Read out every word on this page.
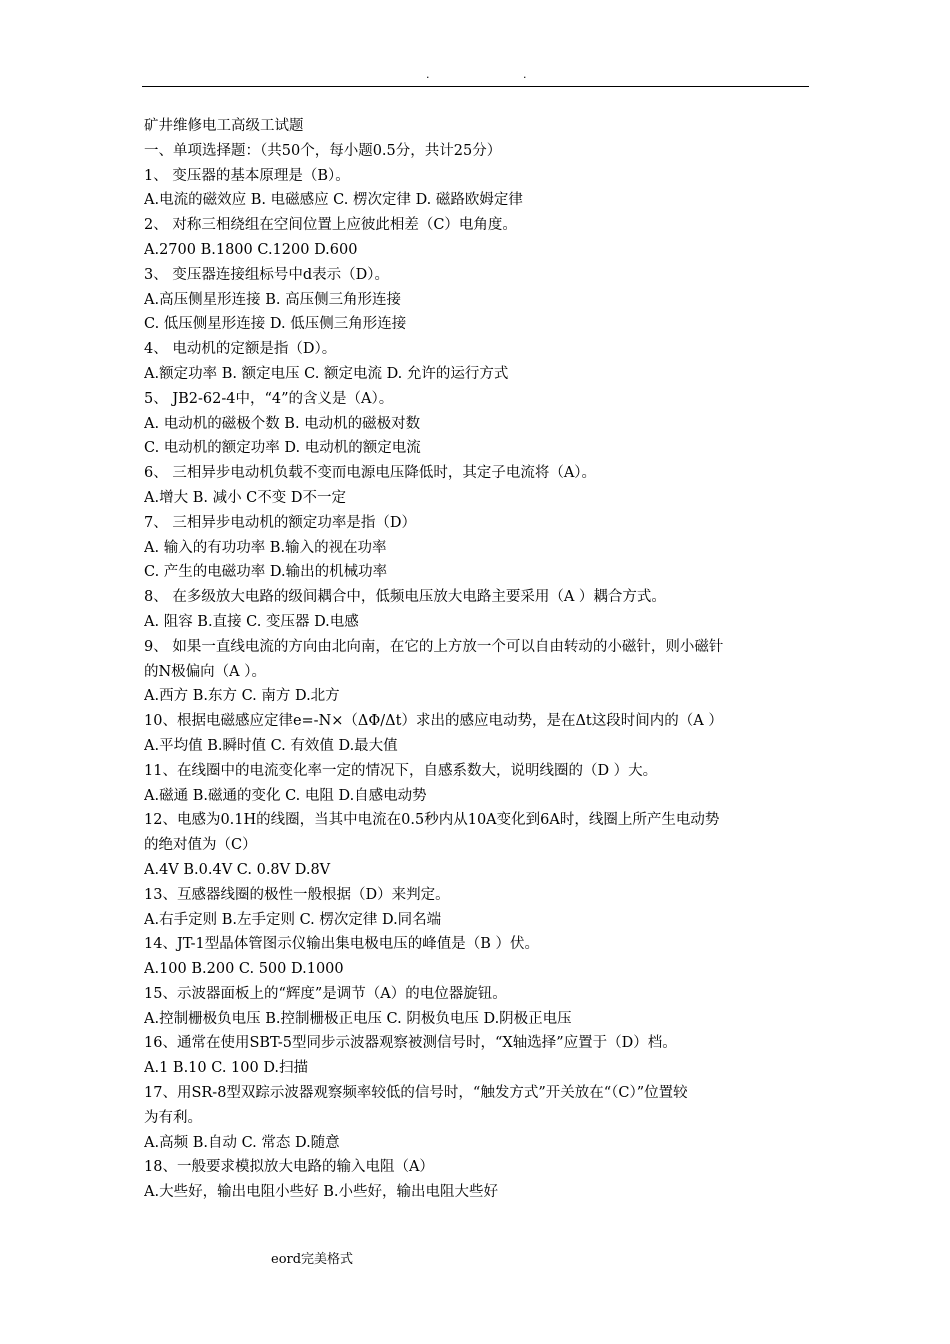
.	.
矿井维修电工高级工试题
一、单项选择题：（共50个，每小题0.5分，共计25分）
1、 变压器的基本原理是（B）。
A.电流的磁效应 B. 电磁感应 C. 楞次定律 D. 磁路欧姆定律
2、 对称三相绕组在空间位置上应彼此相差（C）电角度。
A.2700 B.1800 C.1200 D.600
3、 变压器连接组标号中d表示（D）。
A.高压侧星形连接 B. 高压侧三角形连接
C. 低压侧星形连接 D. 低压侧三角形连接
4、 电动机的定额是指（D）。
A.额定功率 B. 额定电压 C. 额定电流 D. 允许的运行方式
5、 JB2-62-4中，“4”的含义是（A）。
A. 电动机的磁极个数 B. 电动机的磁极对数
C. 电动机的额定功率 D. 电动机的额定电流
6、 三相异步电动机负载不变而电源电压降低时，其定子电流将（A）。
A.增大 B. 减小 C不变 D不一定
7、 三相异步电动机的额定功率是指（D）
A. 输入的有功功率 B.输入的视在功率
C. 产生的电磁功率 D.输出的机械功率
8、 在多级放大电路的级间耦合中，低频电压放大电路主要采用（A ）耦合方式。
A. 阻容 B.直接 C. 变压器 D.电感
9、 如果一直线电流的方向由北向南，在它的上方放一个可以自由转动的小磁针，则小磁针
的N极偏向（A ）。
A.西方 B.东方 C. 南方 D.北方
10、根据电磁感应定律e=-N×（ΔΦ/Δt）求出的感应电动势，是在Δt这段时间内的（A ）
A.平均值 B.瞬时值 C. 有效值 D.最大值
11、在线圈中的电流变化率一定的情况下，自感系数大，说明线圈的（D ）大。
A.磁通 B.磁通的变化 C. 电阻 D.自感电动势
12、电感为0.1H的线圈，当其中电流在0.5秒内从10A变化到6A时，线圈上所产生电动势
的绝对值为（C）
A.4V B.0.4V C. 0.8V D.8V
13、互感器线圈的极性一般根据（D）来判定。
A.右手定则 B.左手定则 C. 楞次定律 D.同名端
14、JT-1型晶体管图示仪输出集电极电压的峰值是（B ）伏。
A.100 B.200 C. 500 D.1000
15、示波器面板上的“辉度”是调节（A）的电位器旋钮。
A.控制栅极负电压 B.控制栅极正电压 C. 阴极负电压 D.阴极正电压
16、通常在使用SBT-5型同步示波器观察被测信号时，“X轴选择”应置于（D）档。
A.1 B.10 C. 100 D.扫描
17、用SR-8型双踪示波器观察频率较低的信号时，“触发方式”开关放在“（C）”位置较
为有利。
A.高频 B.自动 C. 常态 D.随意
18、一般要求模拟放大电路的输入电阻（A）
A.大些好，输出电阻小些好 B.小些好，输出电阻大些好
eord完美格式
